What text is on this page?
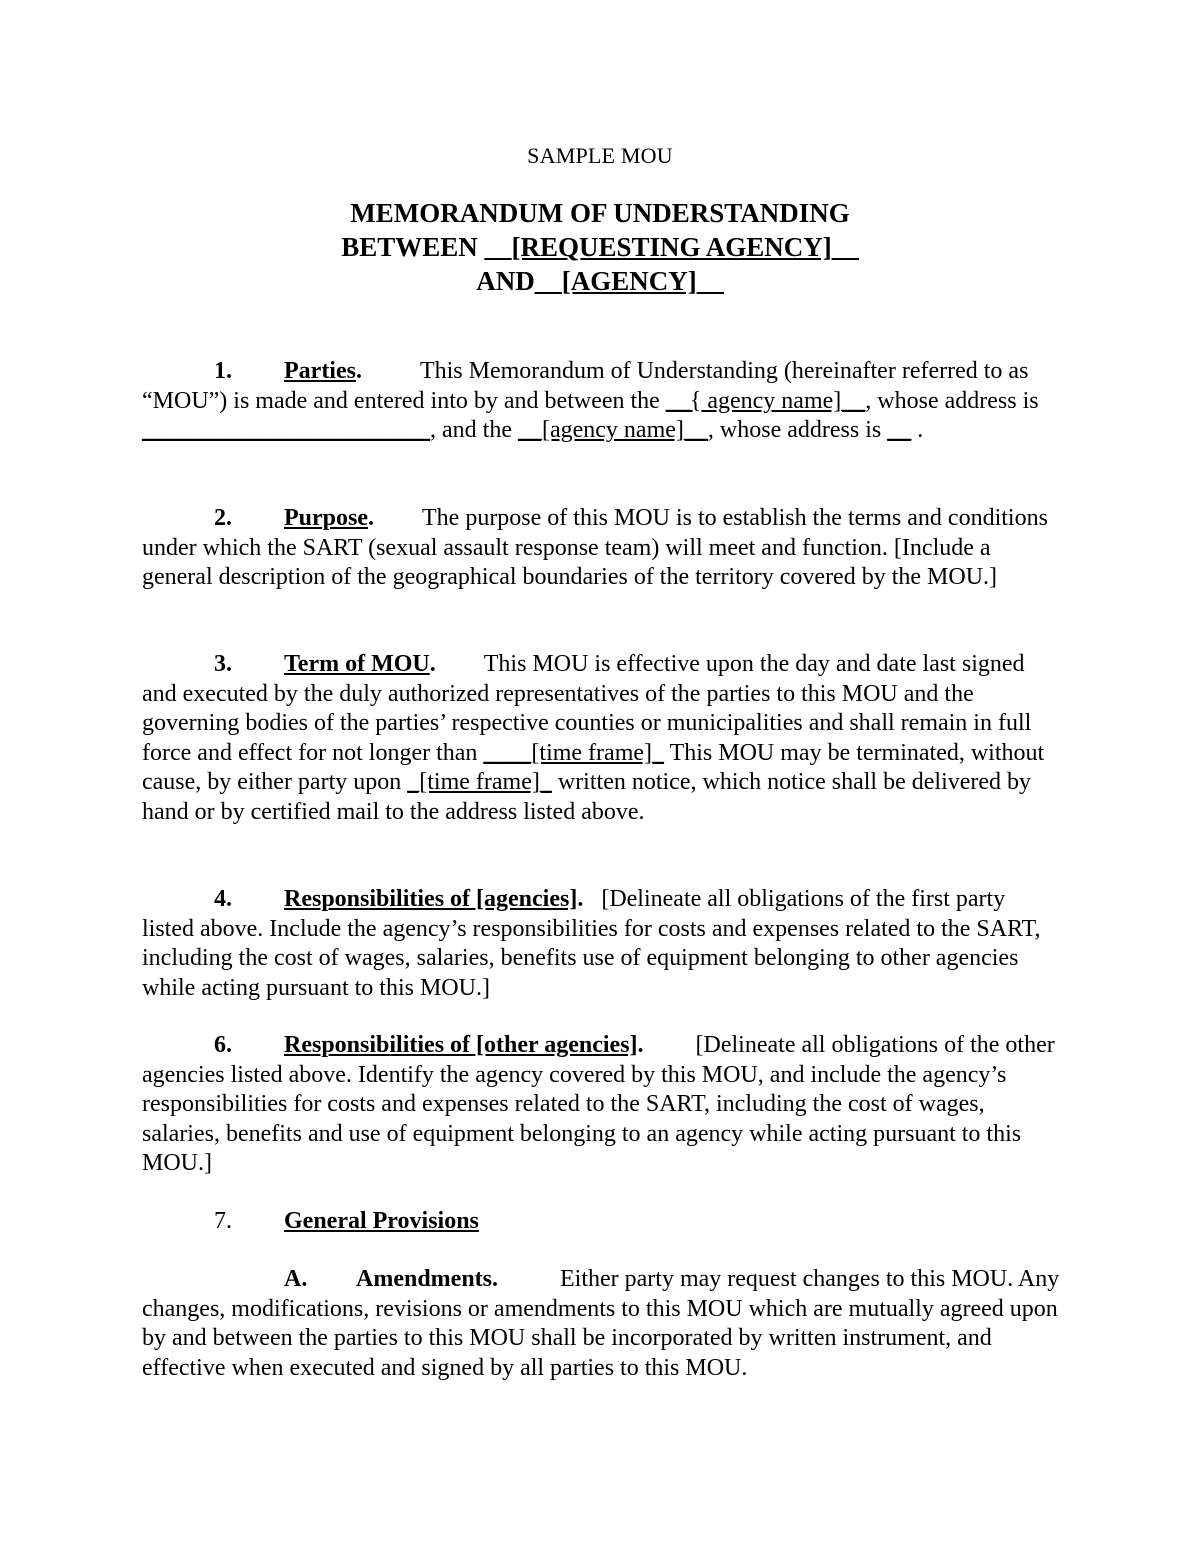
SAMPLE MOU
MEMORANDUM OF UNDERSTANDING
BETWEEN __[REQUESTING AGENCY]__
AND__[AGENCY]__
1. Parties. This Memorandum of Understanding (hereinafter referred to as “MOU”) is made and entered into by and between the __{ agency name]__, whose address is ________________________, and the __[agency name]__, whose address is __ .
2. Purpose. The purpose of this MOU is to establish the terms and conditions under which the SART (sexual assault response team) will meet and function. [Include a general description of the geographical boundaries of the territory covered by the MOU.]
3. Term of MOU. This MOU is effective upon the day and date last signed and executed by the duly authorized representatives of the parties to this MOU and the governing bodies of the parties’ respective counties or municipalities and shall remain in full force and effect for not longer than ____[time frame]_ This MOU may be terminated, without cause, by either party upon _[time frame]_ written notice, which notice shall be delivered by hand or by certified mail to the address listed above.
4. Responsibilities of [agencies]. [Delineate all obligations of the first party listed above. Include the agency’s responsibilities for costs and expenses related to the SART, including the cost of wages, salaries, benefits use of equipment belonging to other agencies while acting pursuant to this MOU.]
6. Responsibilities of [other agencies]. [Delineate all obligations of the other agencies listed above. Identify the agency covered by this MOU, and include the agency’s responsibilities for costs and expenses related to the SART, including the cost of wages, salaries, benefits and use of equipment belonging to an agency while acting pursuant to this MOU.]
7. General Provisions
A. Amendments.	Either party may request changes to this MOU. Any changes, modifications, revisions or amendments to this MOU which are mutually agreed upon by and between the parties to this MOU shall be incorporated by written instrument, and effective when executed and signed by all parties to this MOU.
